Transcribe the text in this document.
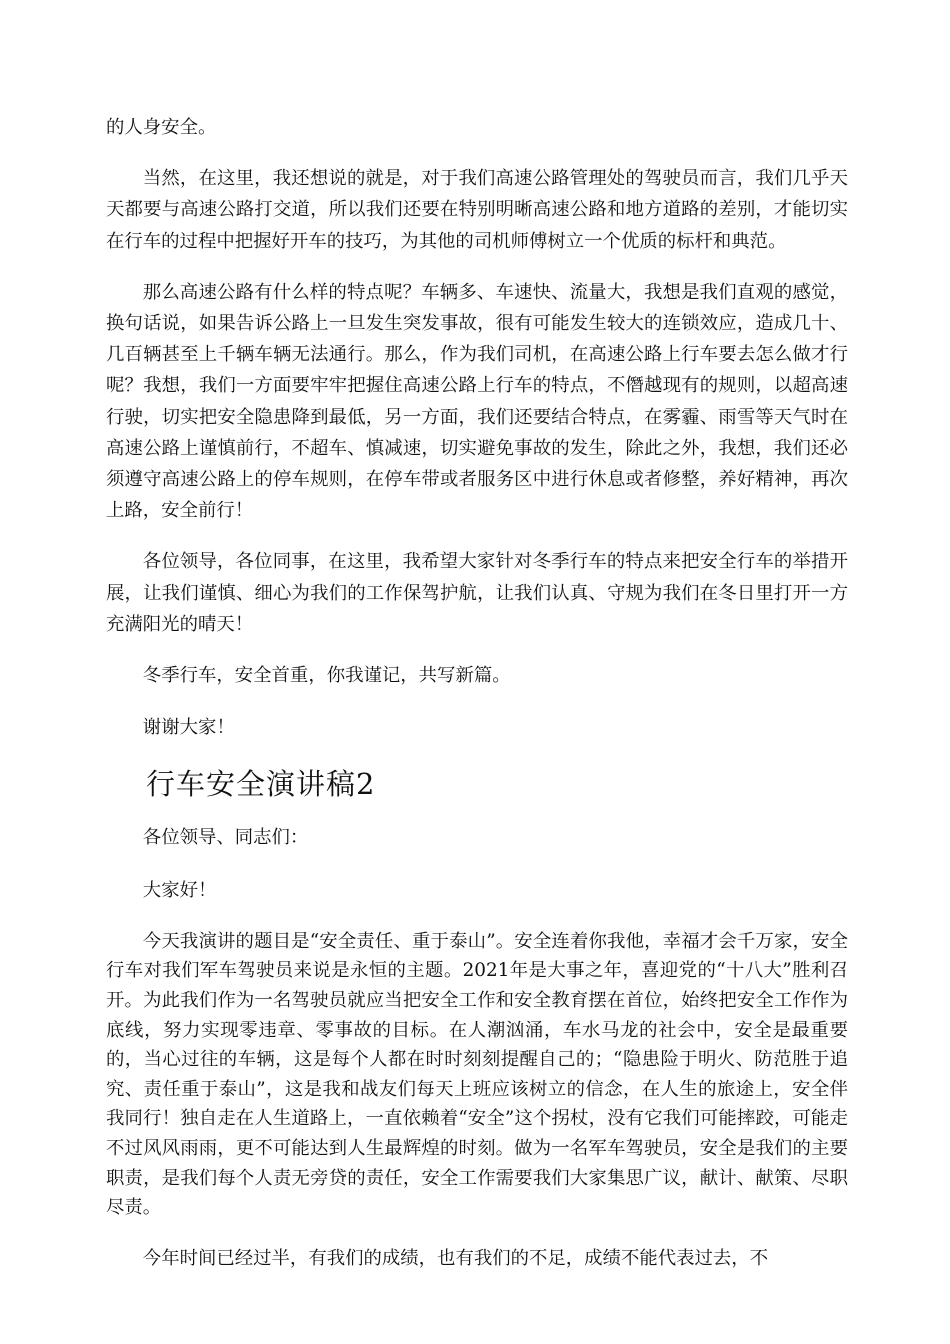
的人身安全。

当然，在这里，我还想说的就是，对于我们高速公路管理处的驾驶员而言，我们几乎天天都要与高速公路打交道，所以我们还要在特别明晰高速公路和地方道路的差别，才能切实在行车的过程中把握好开车的技巧，为其他的司机师傅树立一个优质的标杆和典范。

那么高速公路有什么样的特点呢？车辆多、车速快、流量大，我想是我们直观的感觉，换句话说，如果告诉公路上一旦发生突发事故，很有可能发生较大的连锁效应，造成几十、几百辆甚至上千辆车辆无法通行。那么，作为我们司机，在高速公路上行车要去怎么做才行呢？我想，我们一方面要牢牢把握住高速公路上行车的特点，不僭越现有的规则，以超高速行驶，切实把安全隐患降到最低，另一方面，我们还要结合特点，在雾霾、雨雪等天气时在高速公路上谨慎前行，不超车、慎减速，切实避免事故的发生，除此之外，我想，我们还必须遵守高速公路上的停车规则，在停车带或者服务区中进行休息或者修整，养好精神，再次上路，安全前行！

各位领导，各位同事，在这里，我希望大家针对冬季行车的特点来把安全行车的举措开展，让我们谨慎、细心为我们的工作保驾护航，让我们认真、守规为我们在冬日里打开一方充满阳光的晴天！

冬季行车，安全首重，你我谨记，共写新篇。

谢谢大家！

行车安全演讲稿2

各位领导、同志们：

大家好！

今天我演讲的题目是“安全责任、重于泰山”。安全连着你我他，幸福才会千万家，安全行车对我们军车驾驶员来说是永恒的主题。2021年是大事之年，喜迎党的“十八大”胜利召开。为此我们作为一名驾驶员就应当把安全工作和安全教育摆在首位，始终把安全工作作为底线，努力实现零违章、零事故的目标。在人潮汹涌，车水马龙的社会中，安全是最重要的，当心过往的车辆，这是每个人都在时时刻刻提醒自己的；“隐患险于明火、防范胜于追究、责任重于泰山”，这是我和战友们每天上班应该树立的信念，在人生的旅途上，安全伴我同行！独自走在人生道路上，一直依赖着“安全”这个拐杖，没有它我们可能摔跤，可能走不过风风雨雨，更不可能达到人生最辉煌的时刻。做为一名军车驾驶员，安全是我们的主要职责，是我们每个人责无旁贷的责任，安全工作需要我们大家集思广议，献计、献策、尽职尽责。

今年时间已经过半，有我们的成绩，也有我们的不足，成绩不能代表过去，不
